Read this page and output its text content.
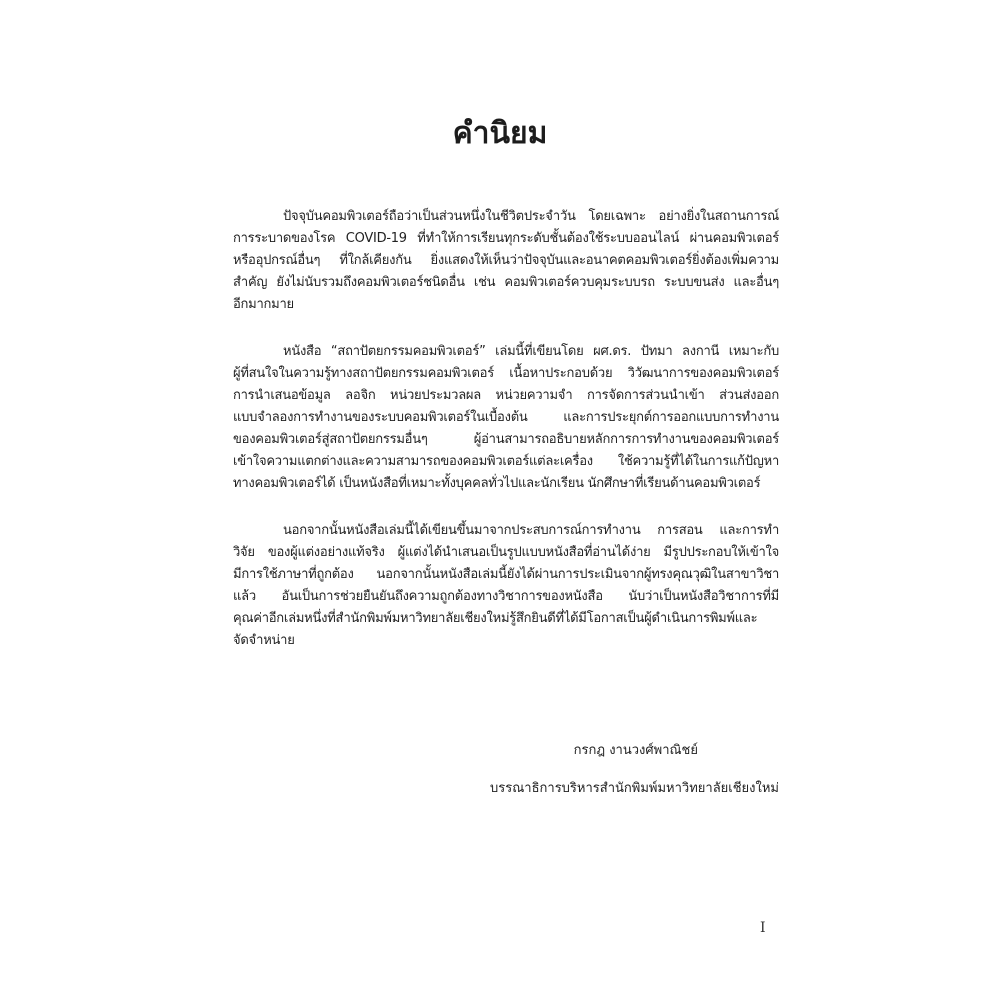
คำนิยม
ปัจจุบันคอมพิวเตอร์ถือว่าเป็นส่วนหนึ่งในชีวิตประจำวัน โดยเฉพาะ อย่างยิ่งในสถานการณ์
การระบาดของโรค COVID-19 ที่ทำให้การเรียนทุกระดับชั้นต้องใช้ระบบออนไลน์ ผ่านคอมพิวเตอร์
หรืออุปกรณ์อื่นๆ ที่ใกล้เคียงกัน ยิ่งแสดงให้เห็นว่าปัจจุบันและอนาคตคอมพิวเตอร์ยิ่งต้องเพิ่มความ
สำคัญ ยังไม่นับรวมถึงคอมพิวเตอร์ชนิดอื่น เช่น คอมพิวเตอร์ควบคุมระบบรถ ระบบขนส่ง และอื่นๆ
อีกมากมาย
หนังสือ “สถาปัตยกรรมคอมพิวเตอร์” เล่มนี้ที่เขียนโดย ผศ.ดร. ปัทมา ลงกานี เหมาะกับ
ผู้ที่สนใจในความรู้ทางสถาปัตยกรรมคอมพิวเตอร์ เนื้อหาประกอบด้วย วิวัฒนาการของคอมพิวเตอร์
การนำเสนอข้อมูล ลอจิก หน่วยประมวลผล หน่วยความจำ การจัดการส่วนนำเข้า ส่วนส่งออก
แบบจำลองการทำงานของระบบคอมพิวเตอร์ในเบื้องต้น และการประยุกต์การออกแบบการทำงาน
ของคอมพิวเตอร์สู่สถาปัตยกรรมอื่นๆ ผู้อ่านสามารถอธิบายหลักการการทำงานของคอมพิวเตอร์
เข้าใจความแตกต่างและความสามารถของคอมพิวเตอร์แต่ละเครื่อง ใช้ความรู้ที่ได้ในการแก้ปัญหา
ทางคอมพิวเตอร์ได้ เป็นหนังสือที่เหมาะทั้งบุคคลทั่วไปและนักเรียน นักศึกษาที่เรียนด้านคอมพิวเตอร์
นอกจากนั้นหนังสือเล่มนี้ได้เขียนขึ้นมาจากประสบการณ์การทำงาน การสอน และการทำ
วิจัย ของผู้แต่งอย่างแท้จริง ผู้แต่งได้นำเสนอเป็นรูปแบบหนังสือที่อ่านได้ง่าย มีรูปประกอบให้เข้าใจ
มีการใช้ภาษาที่ถูกต้อง นอกจากนั้นหนังสือเล่มนี้ยังได้ผ่านการประเมินจากผู้ทรงคุณวุฒิในสาขาวิชา
แล้ว อันเป็นการช่วยยืนยันถึงความถูกต้องทางวิชาการของหนังสือ นับว่าเป็นหนังสือวิชาการที่มี
คุณค่าอีกเล่มหนึ่งที่สำนักพิมพ์มหาวิทยาลัยเชียงใหม่รู้สึกยินดีที่ได้มีโอกาสเป็นผู้ดำเนินการพิมพ์และ
จัดจำหน่าย
กรกฎ งานวงศ์พาณิชย์
บรรณาธิการบริหารสำนักพิมพ์มหาวิทยาลัยเชียงใหม่
I
